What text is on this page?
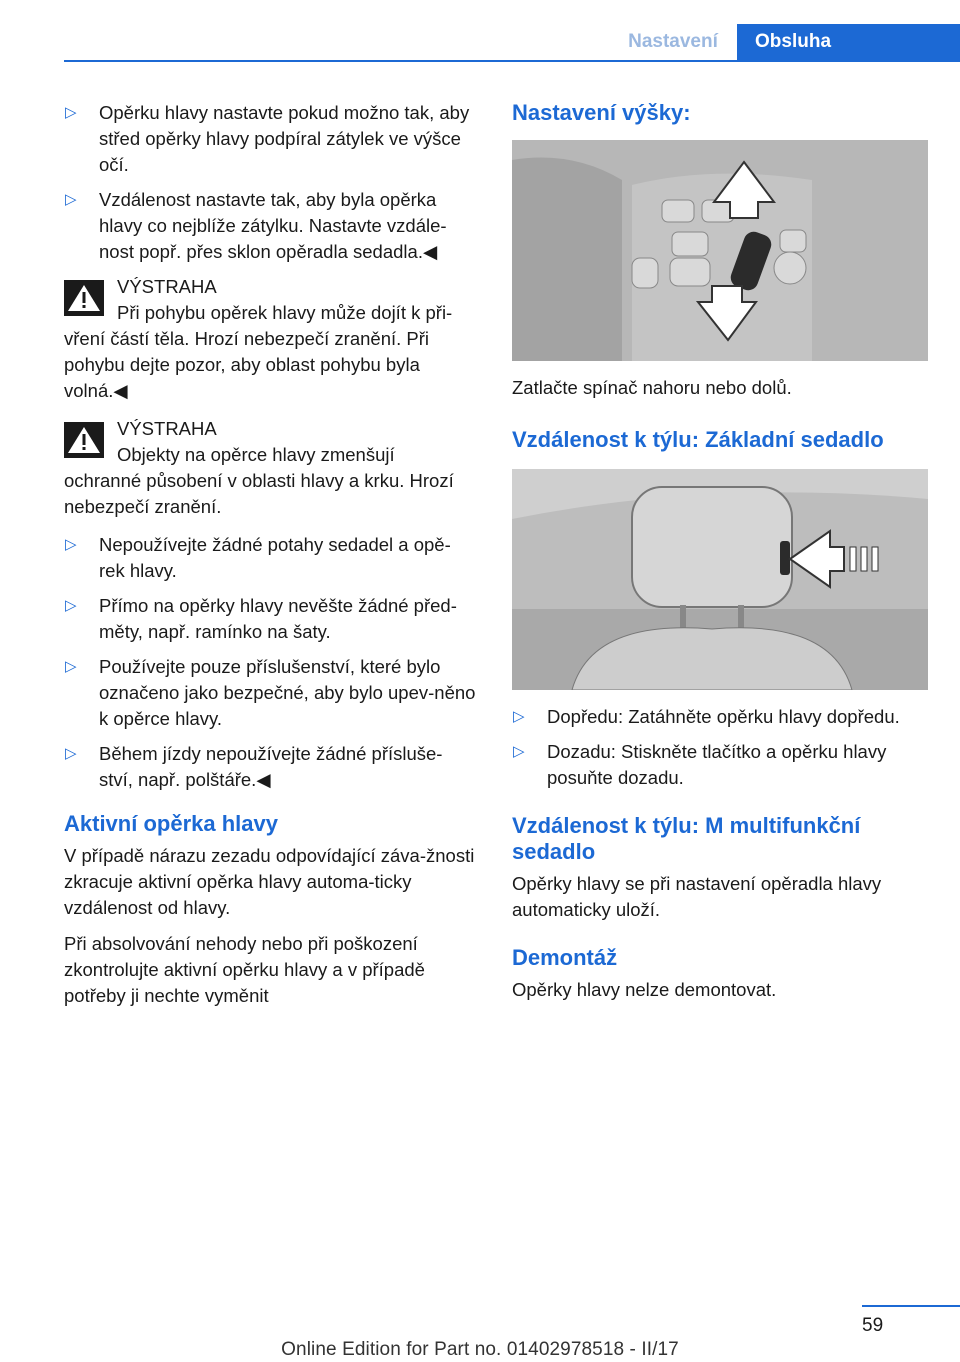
Nastavení	Obsluha
▷ Opěrku hlavy nastavte pokud možno tak, aby střed opěrky hlavy podpíral zátylek ve výšce očí.
▷ Vzdálenost nastavte tak, aby byla opěrka hlavy co nejblíže zátylku. Nastavte vzdále‐nost popř. přes sklon opěradla sedadla.◀
VÝSTRAHA
Při pohybu opěrek hlavy může dojít k při‐vření částí těla. Hrozí nebezpečí zranění. Při pohybu dejte pozor, aby oblast pohybu byla volná.◀
VÝSTRAHA
Objekty na opěrce hlavy zmenšují ochranné působení v oblasti hlavy a krku. Hrozí nebezpečí zranění.
▷ Nepoužívejte žádné potahy sedadel a opě‐rek hlavy.
▷ Přímo na opěrky hlavy nevěšte žádné před‐měty, např. ramínko na šaty.
▷ Používejte pouze příslušenství, které bylo označeno jako bezpečné, aby bylo upev‐něno k opěrce hlavy.
▷ Během jízdy nepoužívejte žádné přísluše‐ství, např. polštáře.◀
Aktivní opěrka hlavy

V případě nárazu zezadu odpovídající záva‐žnosti zkracuje aktivní opěrka hlavy automa‐ticky vzdálenost od hlavy.

Při absolvování nehody nebo při poškození zkontrolujte aktivní opěrku hlavy a v případě potřeby ji nechte vyměnit

Nastavení výšky:

Zatlačte spínač nahoru nebo dolů.

Vzdálenost k týlu: Základní sedadlo
▷ Dopředu: Zatáhněte opěrku hlavy dopředu.
▷ Dozadu: Stiskněte tlačítko a opěrku hlavy posuňte dozadu.
Vzdálenost k týlu: M multifunkční sedadlo

Opěrky hlavy se při nastavení opěradla hlavy automaticky uloží.

Demontáž

Opěrky hlavy nelze demontovat.

59
Online Edition for Part no. 01402978518 - II/17
